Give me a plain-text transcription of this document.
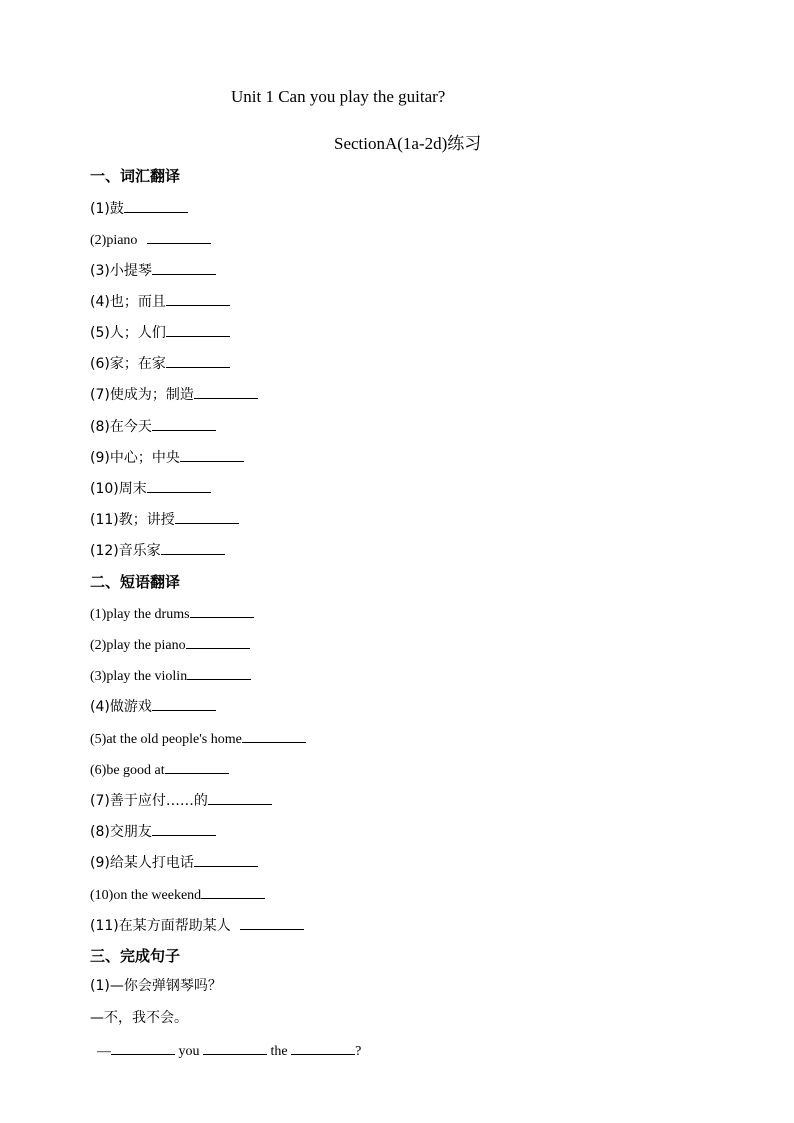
Unit 1 Can you play the guitar?
SectionA(1a-2d)练习
一、词汇翻译
(1)鼓
(2)piano
(3)小提琴
(4)也；而且
(5)人；人们
(6)家；在家
(7)使成为；制造
(8)在今天
(9)中心；中央
(10)周末
(11)教；讲授
(12)音乐家
二、短语翻译
(1)play the drums
(2)play the piano
(3)play the violin
(4)做游戏
(5)at the old people's home
(6)be good at
(7)善于应付……的
(8)交朋友
(9)给某人打电话
(10)on the weekend
(11)在某方面帮助某人
三、完成句子
(1)—你会弹钢琴吗？
—不，我不会。
—	you	the	?
